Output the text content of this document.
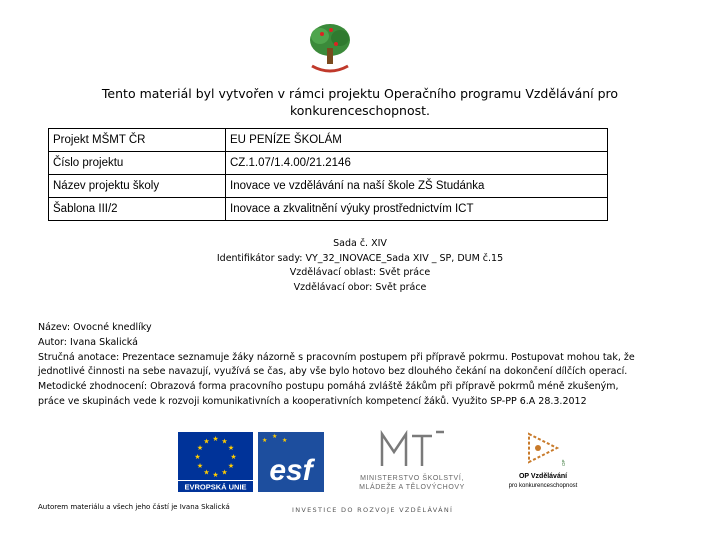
Tento materiál byl vytvořen v rámci projektu Operačního programu Vzdělávání pro
konkurenceschopnost.
Projekt MŠMT ČR	EU PENÍZE ŠKOLÁM
Číslo projektu	CZ.1.07/1.4.00/21.2146
Název projektu školy	Inovace ve vzdělávání na naší škole ZŠ Studánka
Šablona III/2	Inovace a zkvalitnění výuky prostřednictvím ICT
Sada č. XIV
Identifikátor sady: VY_32_INOVACE_Sada XIV _ SP, DUM č.15
Vzdělávací oblast: Svět práce
Vzdělávací obor: Svět práce

Název: Ovocné knedlíky

Autor: Ivana Skalická

Stručná anotace: Prezentace seznamuje žáky názorně s pracovním postupem při přípravě pokrmu. Postupovat mohou tak, že

jednotlivé činnosti na sebe navazují, využívá se čas, aby vše bylo hotovo bez dlouhého čekání na dokončení dílčích operací.

Metodické zhodnocení: Obrazová forma pracovního postupu pomáhá zvláště žákům při přípravě pokrmů méně zkušeným,

práce ve skupinách vede k rozvoji komunikativních a kooperativních kompetencí žáků. Využito SP-PP 6.A 28.3.2012

★ ★
★
★
★
★
★
★
★
★
★
★
EVROPSKÁ UNIE
★
★
★
esf	MINISTERSTVO ŠKOLSTVÍ,
MLÁDEŽE A TĚLOVÝCHOVY
OP
OP Vzdělávání
pro konkurenceschopnost
Autorem materiálu a všech jeho částí je Ivana Skalická	INVESTICE DO ROZVOJE VZDĚLÁVÁNÍ
